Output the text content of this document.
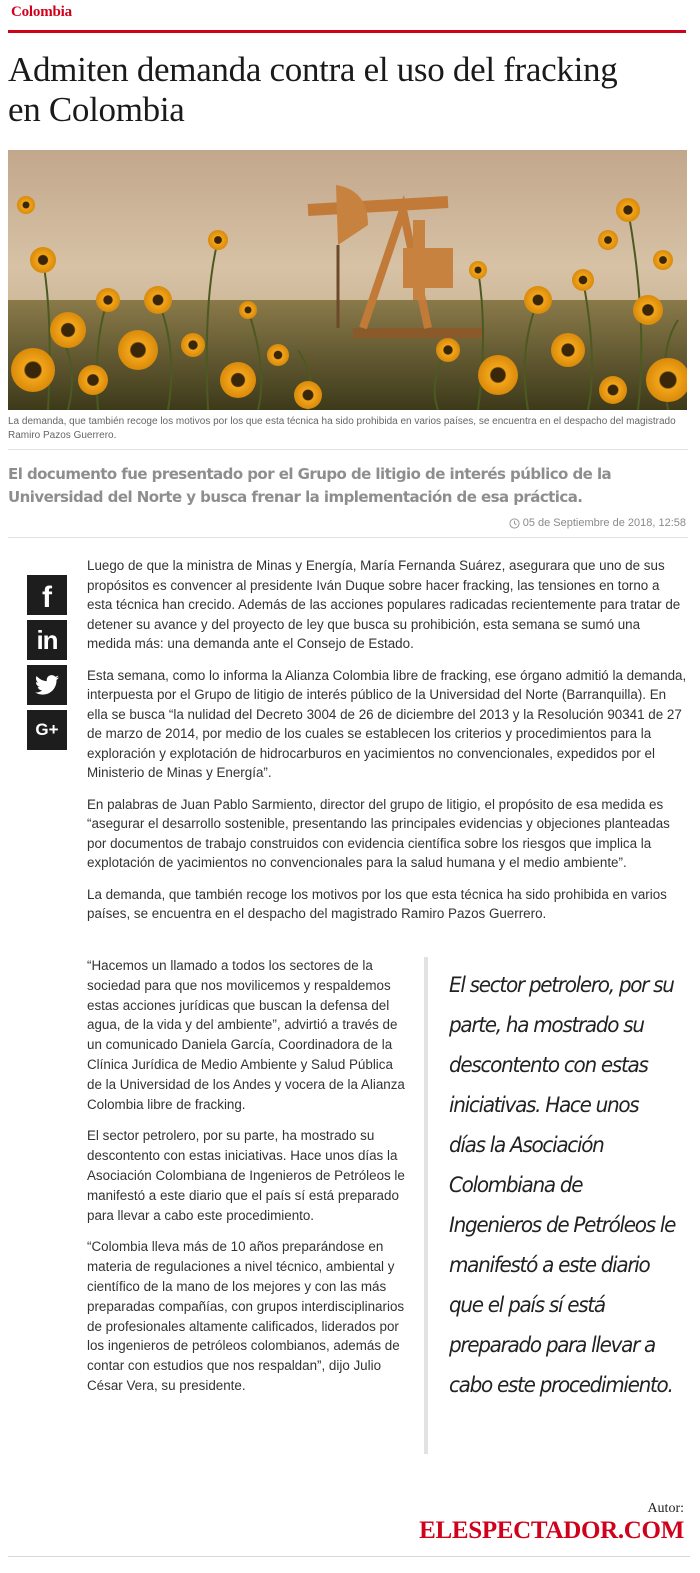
Colombia
Admiten demanda contra el uso del fracking en Colombia
La demanda, que también recoge los motivos por los que esta técnica ha sido prohibida en varios países, se encuentra en el despacho del magistrado Ramiro Pazos Guerrero.

El documento fue presentado por el Grupo de litigio de interés público de la Universidad del Norte y busca frenar la implementación de esa práctica.

05 de Septiembre de 2018, 12:58
f
in
G+

Luego de que la ministra de Minas y Energía, María Fernanda Suárez, asegurara que uno de sus propósitos es convencer al presidente Iván Duque sobre hacer fracking, las tensiones en torno a esta técnica han crecido. Además de las acciones populares radicadas recientemente para tratar de detener su avance y del proyecto de ley que busca su prohibición, esta semana se sumó una medida más: una demanda ante el Consejo de Estado.

Esta semana, como lo informa la Alianza Colombia libre de fracking, ese órgano admitió la demanda, interpuesta por el Grupo de litigio de interés público de la Universidad del Norte (Barranquilla). En ella se busca “la nulidad del Decreto 3004 de 26 de diciembre del 2013 y la Resolución 90341 de 27 de marzo de 2014, por medio de los cuales se establecen los criterios y procedimientos para la exploración y explotación de hidrocarburos en yacimientos no convencionales, expedidos por el Ministerio de Minas y Energía”.

En palabras de Juan Pablo Sarmiento, director del grupo de litigio, el propósito de esa medida es “asegurar el desarrollo sostenible, presentando las principales evidencias y objeciones planteadas por documentos de trabajo construidos con evidencia científica sobre los riesgos que implica la explotación de yacimientos no convencionales para la salud humana y el medio ambiente”.

La demanda, que también recoge los motivos por los que esta técnica ha sido prohibida en varios países, se encuentra en el despacho del magistrado Ramiro Pazos Guerrero.

“Hacemos un llamado a todos los sectores de la sociedad para que nos movilicemos y respaldemos estas acciones jurídicas que buscan la defensa del agua, de la vida y del ambiente”, advirtió a través de un comunicado Daniela García, Coordinadora de la Clínica Jurídica de Medio Ambiente y Salud Pública de la Universidad de los Andes y vocera de la Alianza Colombia libre de fracking.

El sector petrolero, por su parte, ha mostrado su descontento con estas iniciativas. Hace unos días la Asociación Colombiana de Ingenieros de Petróleos le manifestó a este diario que el país sí está preparado para llevar a cabo este procedimiento.

“Colombia lleva más de 10 años preparándose en materia de regulaciones a nivel técnico, ambiental y científico de la mano de los mejores y con las más preparadas compañías, con grupos interdisciplinarios de profesionales altamente calificados, liderados por los ingenieros de petróleos colombianos, además de contar con estudios que nos respaldan”, dijo Julio César Vera, su presidente.

El sector petrolero, por su parte, ha mostrado su descontento con estas iniciativas. Hace unos días la Asociación Colombiana de Ingenieros de Petróleos le manifestó a este diario que el país sí está preparado para llevar a cabo este procedimiento.
Autor:
ELESPECTADOR.COM
